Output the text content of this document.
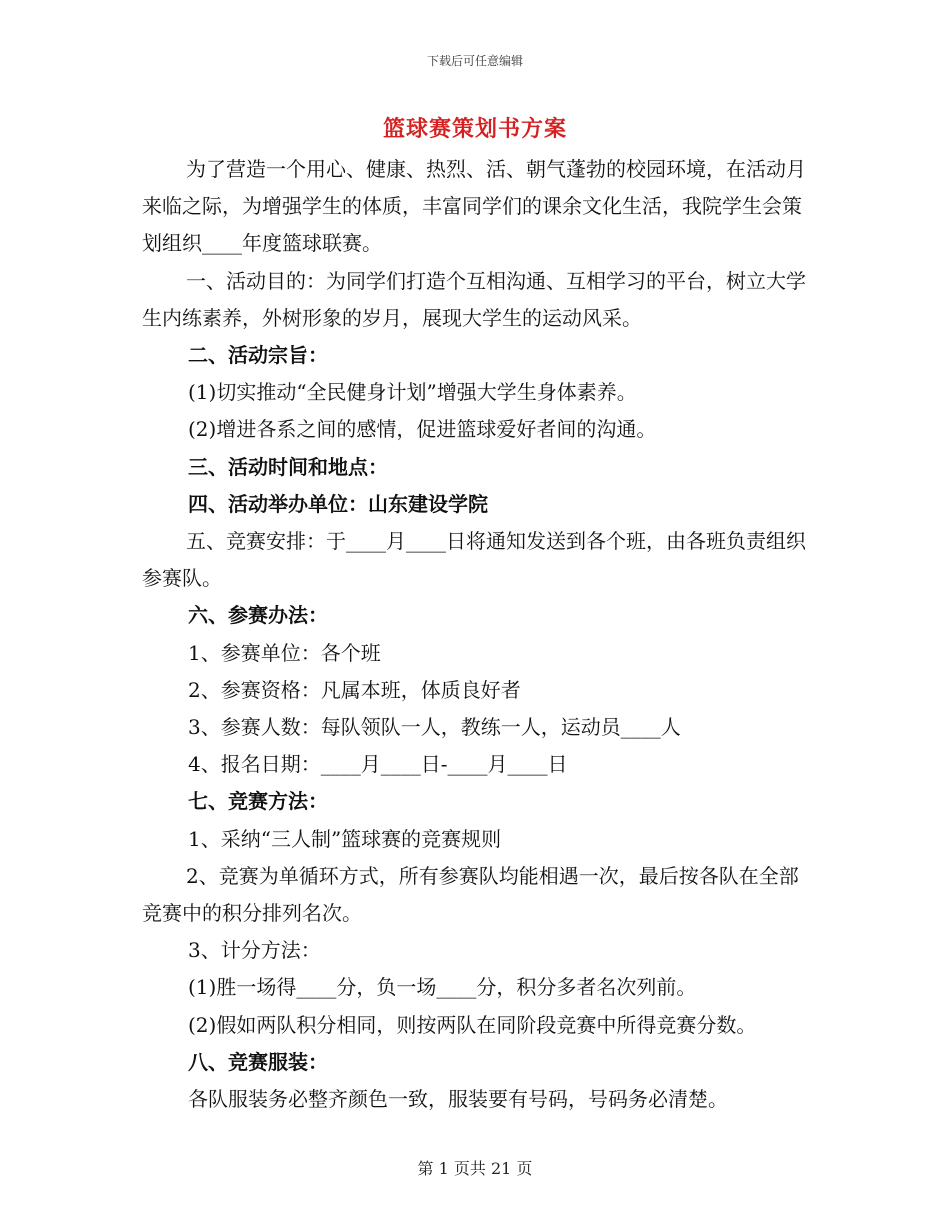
下载后可任意编辑
篮球赛策划书方案

为了营造一个用心、健康、热烈、活、朝气蓬勃的校园环境，在活动月来临之际，为增强学生的体质，丰富同学们的课余文化生活，我院学生会策划组织____年度篮球联赛。

一、活动目的：为同学们打造个互相沟通、互相学习的平台，树立大学生内练素养，外树形象的岁月，展现大学生的运动风采。

二、活动宗旨：

(1)切实推动“全民健身计划”增强大学生身体素养。

(2)增进各系之间的感情，促进篮球爱好者间的沟通。

三、活动时间和地点：

四、活动举办单位：山东建设学院

五、竞赛安排：于____月____日将通知发送到各个班，由各班负责组织参赛队。

六、参赛办法：

1、参赛单位：各个班

2、参赛资格：凡属本班，体质良好者

3、参赛人数：每队领队一人，教练一人，运动员____人

4、报名日期：____月____日-____月____日

七、竞赛方法：

1、采纳“三人制”篮球赛的竞赛规则

2、竞赛为单循环方式，所有参赛队均能相遇一次，最后按各队在全部竞赛中的积分排列名次。

3、计分方法：

(1)胜一场得____分，负一场____分，积分多者名次列前。

(2)假如两队积分相同，则按两队在同阶段竞赛中所得竞赛分数。

八、竞赛服装：

各队服装务必整齐颜色一致，服装要有号码，号码务必清楚。

第 1 页共 21 页
